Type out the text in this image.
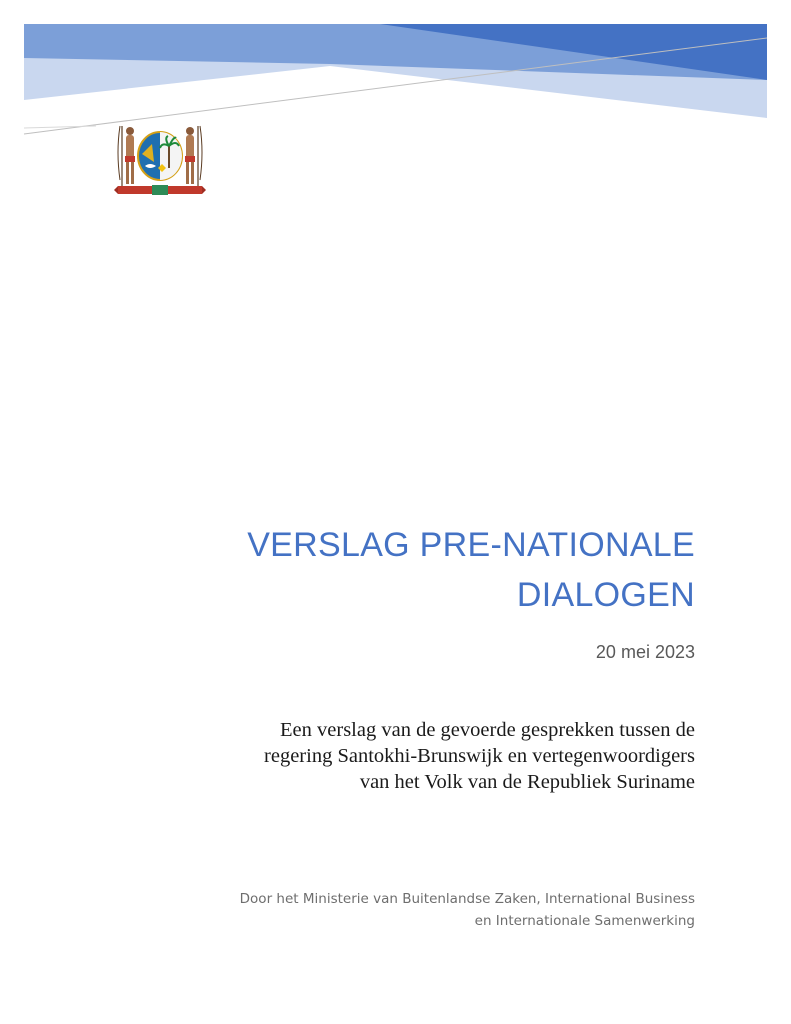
VERSLAG PRE-NATIONALE
DIALOGEN
20 mei 2023
Een verslag van de gevoerde gesprekken tussen de
regering Santokhi-Brunswijk en vertegenwoordigers
van het Volk van de Republiek Suriname
Door het Ministerie van Buitenlandse Zaken, International Business
en Internationale Samenwerking
